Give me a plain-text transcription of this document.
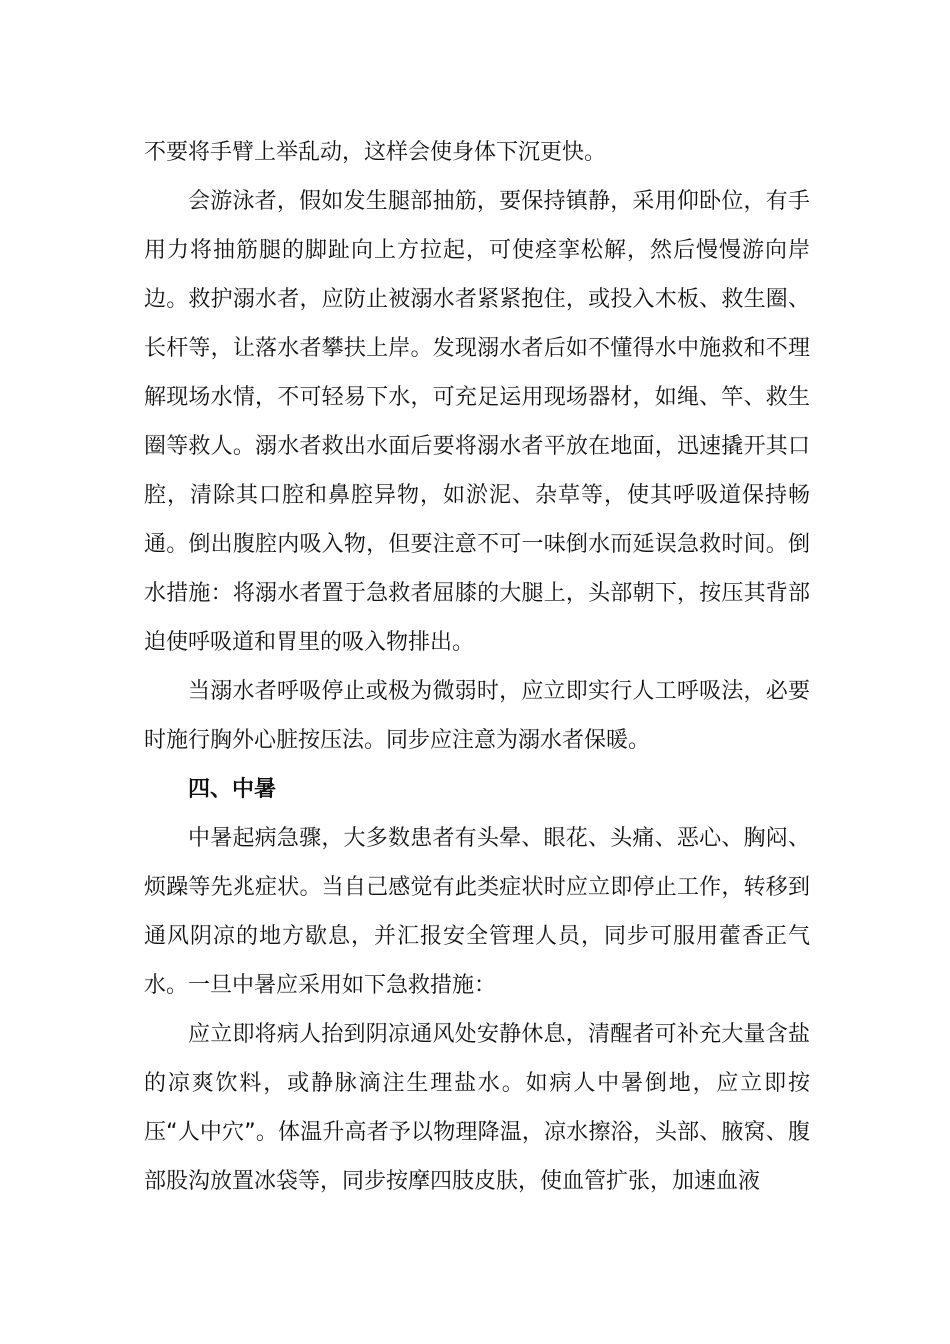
不要将手臂上举乱动，这样会使身体下沉更快。

会游泳者，假如发生腿部抽筋，要保持镇静，采用仰卧位，有手用力将抽筋腿的脚趾向上方拉起，可使痉挛松解，然后慢慢游向岸边。救护溺水者，应防止被溺水者紧紧抱住，或投入木板、救生圈、长杆等，让落水者攀扶上岸。发现溺水者后如不懂得水中施救和不理解现场水情，不可轻易下水，可充足运用现场器材，如绳、竿、救生圈等救人。溺水者救出水面后要将溺水者平放在地面，迅速撬开其口腔，清除其口腔和鼻腔异物，如淤泥、杂草等，使其呼吸道保持畅通。倒出腹腔内吸入物，但要注意不可一味倒水而延误急救时间。倒水措施：将溺水者置于急救者屈膝的大腿上，头部朝下，按压其背部迫使呼吸道和胃里的吸入物排出。

当溺水者呼吸停止或极为微弱时，应立即实行人工呼吸法，必要时施行胸外心脏按压法。同步应注意为溺水者保暖。

四、中暑

中暑起病急骤，大多数患者有头晕、眼花、头痛、恶心、胸闷、烦躁等先兆症状。当自己感觉有此类症状时应立即停止工作，转移到通风阴凉的地方歇息，并汇报安全管理人员，同步可服用藿香正气水。一旦中暑应采用如下急救措施：

应立即将病人抬到阴凉通风处安静休息，清醒者可补充大量含盐的凉爽饮料，或静脉滴注生理盐水。如病人中暑倒地，应立即按压“人中穴”。体温升高者予以物理降温，凉水擦浴，头部、腋窝、腹部股沟放置冰袋等，同步按摩四肢皮肤，使血管扩张，加速血液
